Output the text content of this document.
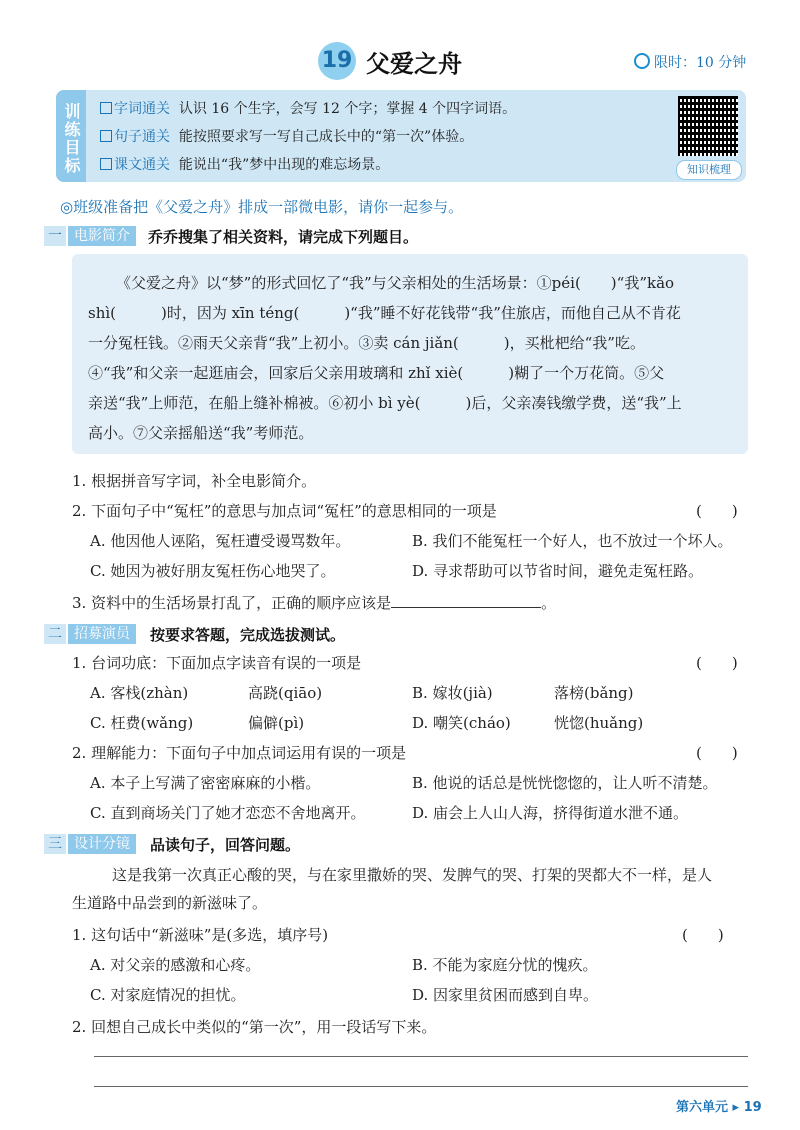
19 父爱之舟	限时：10 分钟
训练目标	字词通关 认识 16 个生字，会写 12 个字；掌握 4 个四字词语。
句子通关 能按照要求写一写自己成长中的“第一次”体验。
课文通关 能说出“我”梦中出现的难忘场景。	知识梳理
◎班级准备把《父爱之舟》排成一部微电影，请你一起参与。
一 电影简介	乔乔搜集了相关资料，请完成下列题目。
《父爱之舟》以“梦”的形式回忆了“我”与父亲相处的生活场景：①péi(　　)“我”kǎo
shì(　　　)时，因为 xīn téng(　　　)“我”睡不好花钱带“我”住旅店，而他自己从不肯花
一分冤枉钱。②雨天父亲背“我”上初小。③卖 cán jiǎn(　　　)，买枇杷给“我”吃。
④“我”和父亲一起逛庙会，回家后父亲用玻璃和 zhǐ xiè(　　　)糊了一个万花筒。⑤父
亲送“我”上师范，在船上缝补棉被。⑥初小 bì yè(　　　)后，父亲凑钱缴学费，送“我”上
高小。⑦父亲摇船送“我”考师范。
1. 根据拼音写字词，补全电影简介。
2. 下面句子中“冤枉”的意思与加点词“冤枉”的意思相同的一项是	(　　)
A. 他因他人诬陷，冤枉遭受谩骂数年。	B. 我们不能冤枉一个好人，也不放过一个坏人。
C. 她因为被好朋友冤枉伤心地哭了。	D. 寻求帮助可以节省时间，避免走冤枉路。
3. 资料中的生活场景打乱了，正确的顺序应该是	。
二 招募演员	按要求答题，完成选拔测试。
1. 台词功底：下面加点字读音有误的一项是	(　　)
A. 客栈(zhàn)	高跷(qiāo)	B. 嫁妆(jià)	落榜(bǎng)
C. 枉费(wǎng)	偏僻(pì)	D. 嘲笑(cháo)	恍惚(huǎng)
2. 理解能力：下面句子中加点词运用有误的一项是	(　　)
A. 本子上写满了密密麻麻的小楷。	B. 他说的话总是恍恍惚惚的，让人听不清楚。
C. 直到商场关门了她才恋恋不舍地离开。	D. 庙会上人山人海，挤得街道水泄不通。
三 设计分镜	品读句子，回答问题。
这是我第一次真正心酸的哭，与在家里撒娇的哭、发脾气的哭、打架的哭都大不一样，是人
生道路中品尝到的新滋味了。
1. 这句话中“新滋味”是(多选，填序号)	(　　)
A. 对父亲的感激和心疼。	B. 不能为家庭分忧的愧疚。
C. 对家庭情况的担忧。	D. 因家里贫困而感到自卑。
2. 回想自己成长中类似的“第一次”，用一段话写下来。
第六单元 ▸ 19
